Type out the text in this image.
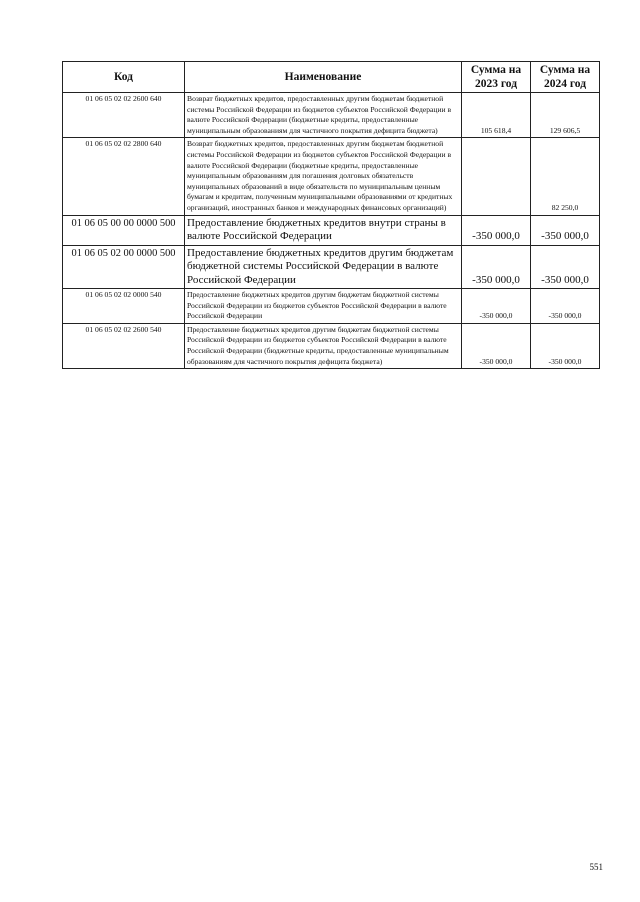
Код	Наименование	Сумма на 2023 год	Сумма на 2024 год
01 06 05 02 02 2600 640	Возврат бюджетных кредитов, предоставленных другим бюджетам бюджетной системы Российской Федерации из бюджетов субъектов Российской Федерации в валюте Российской Федерации (бюджетные кредиты, предоставленные муниципальным образованиям для частичного покрытия дефицита бюджета)	105 618,4	129 606,5
01 06 05 02 02 2800 640	Возврат бюджетных кредитов, предоставленных другим бюджетам бюджетной системы Российской Федерации из бюджетов субъектов Российской Федерации в валюте Российской Федерации (бюджетные кредиты, предоставленные муниципальным образованиям для погашения долговых обязательств муниципальных образований в виде обязательств по муниципальным ценным бумагам и кредитам, полученным муниципальными образованиями от кредитных организаций, иностранных банков и международных финансовых организаций)		82 250,0
01 06 05 00 00 0000 500	Предоставление бюджетных кредитов внутри страны в валюте Российской Федерации	-350 000,0	-350 000,0
01 06 05 02 00 0000 500	Предоставление бюджетных кредитов другим бюджетам бюджетной системы Российской Федерации в валюте Российской Федерации	-350 000,0	-350 000,0
01 06 05 02 02 0000 540	Предоставление бюджетных кредитов другим бюджетам бюджетной системы Российской Федерации из бюджетов субъектов Российской Федерации в валюте Российской Федерации	-350 000,0	-350 000,0
01 06 05 02 02 2600 540	Предоставление бюджетных кредитов другим бюджетам бюджетной системы Российской Федерации из бюджетов субъектов Российской Федерации в валюте Российской Федерации (бюджетные кредиты, предоставленные муниципальным образованиям для частичного покрытия дефицита бюджета)	-350 000,0	-350 000,0
551
